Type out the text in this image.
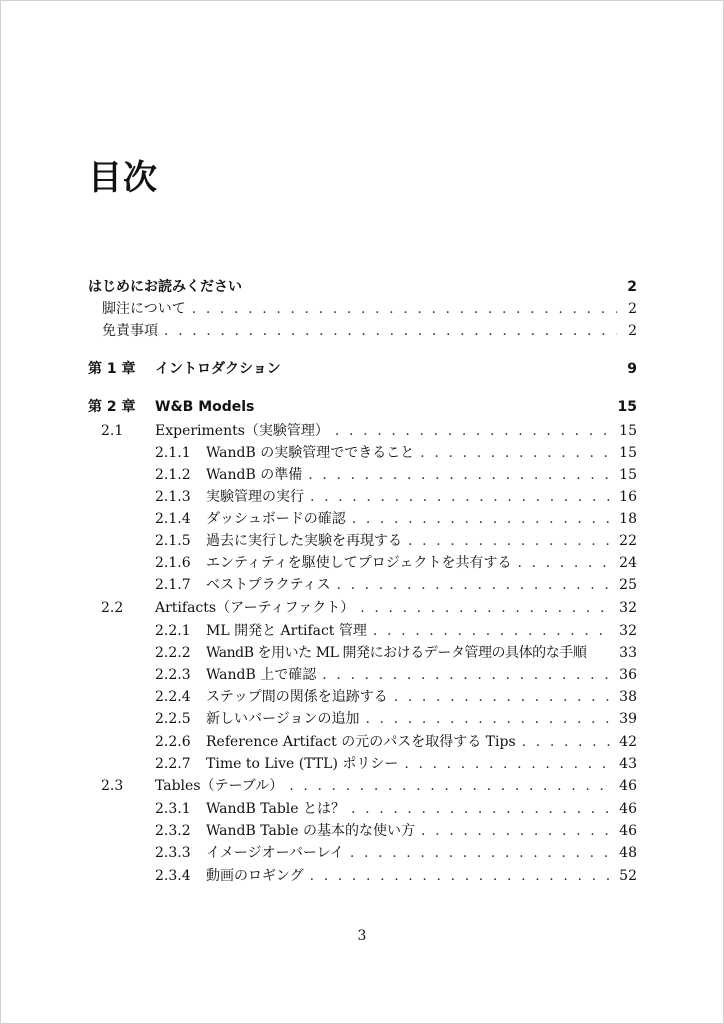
目次
はじめにお読みください	2
脚注について . . .	2
免責事項 . . .	2
第 1 章	イントロダクション	9
第 2 章	W&B Models	15
2.1	Experiments（実験管理） . . .	15
2.1.1	WandB の実験管理でできること . . .	15
2.1.2	WandB の準備 . . .	15
2.1.3	実験管理の実行 . . .	16
2.1.4	ダッシュボードの確認 . . .	18
2.1.5	過去に実行した実験を再現する . . .	22
2.1.6	エンティティを駆使してプロジェクトを共有する . . .	24
2.1.7	ベストプラクティス . . .	25
2.2	Artifacts（アーティファクト） . . .	32
2.2.1	ML 開発と Artifact 管理 . . .	32
2.2.2	WandB を用いた ML 開発におけるデータ管理の具体的な手順 33
2.2.3	WandB 上で確認 . . .	36
2.2.4	ステップ間の関係を追跡する . . .	38
2.2.5	新しいバージョンの追加 . . .	39
2.2.6	Reference Artifact の元のパスを取得する Tips . . .	42
2.2.7	Time to Live (TTL) ポリシー . . .	43
2.3	Tables（テーブル） . . .	46
2.3.1	WandB Table とは？ . . .	46
2.3.2	WandB Table の基本的な使い方 . . .	46
2.3.3	イメージオーバーレイ . . .	48
2.3.4	動画のロギング . . .	52
3
